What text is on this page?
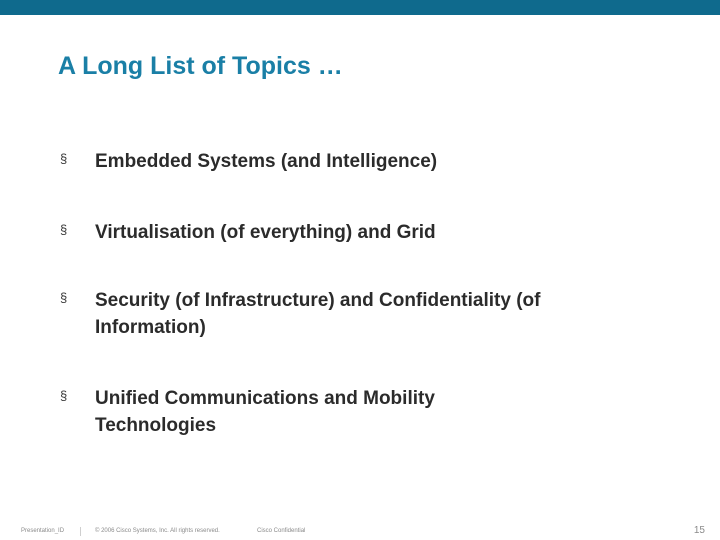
A Long List of Topics …
§ Embedded Systems (and Intelligence)
§ Virtualisation (of everything) and Grid
§ Security (of Infrastructure) and Confidentiality (of
Information)
§ Unified Communications and Mobility
Technologies
Presentation_ID	© 2006 Cisco Systems, Inc. All rights reserved.	Cisco Confidential	15
